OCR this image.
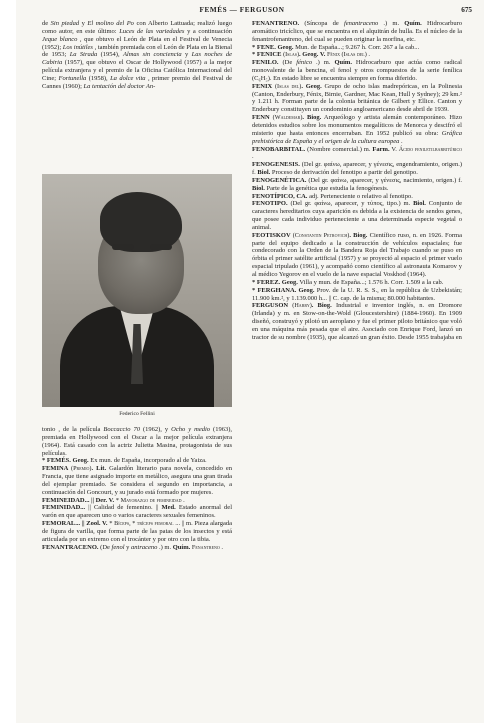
FEMÉS — FERGUSON	675

de Sin piedad y El molino del Po con Alberto Lattuada; realizó luego como autor, en este último: Luces de las variedades y a continuación Jeque blanco , que obtuvo el León de Plata en el Festival de Venecia (1952); Los inútiles , también premiada con el León de Plata en la Bienal de 1953; La Strada (1954), Almas sin conciencia y Las noches de Cabiria (1957), que obtuvo el Oscar de Hollywood (1957) a la mejor película extranjera y el premio de la Oficina Católica Internacional del Cine; Fortunella (1958), La dolce vita , primer premio del Festival de Cannes (1960); La tentación del doctor An-

Federico Fellini

tonio , de la película Boccaccio 70 (1962), y Ocho y medio (1963), premiada en Hollywood con el Oscar a la mejor película extranjera (1964). Está casado con la actriz Julietta Masina, protagonista de sus películas.

* FEMÉS. Geog. Ex mun. de España, incorporado al de Yaiza.

FEMINA (Premio). Lit. Galardón literario para novela, concedido en Francia, que tiene asignado importe en metálico, asegura una gran tirada del ejemplar premiado. Se considera el segundo en importancia, a continuación del Goncourt, y su jurado está formado por mujeres.

FEMINEIDAD... || Der. V. * Mayorazgo de femineidad .

FEMINIDAD... || Calidad de femenino. || Med. Estado anormal del varón en que aparecen uno o varios caracteres sexuales femeninos.

FEMORAL... || Zool. V. * Bíceps, * tríceps femoral ... || m. Pieza alargada de figura de varilla, que forma parte de las patas de los insectos y está articulada por un extremo con el trocánter y por otro con la tibia.

FENANTRACENO. (De fenol y antraceno .) m. Quím. Fenantreno .

FENANTRENO. (Síncopa de fenantraceno .) m. Quím. Hidrocarburo aromático tricíclico, que se encuentra en el alquitrán de hulla. Es el núcleo de la fenantrofenantreno, del cual se pueden originar la morfina, etc.

* FENE. Geog. Mun. de España...; 9.267 h. Corr. 267 a la cab...

* FENICE (Islas). Geog. V. Fénix (Islas del) .

FENILO. (De fénico .) m. Quím. Hidrocarburo que actúa como radical monovalente de la bencina, el fenol y otros compuestos de la serie fenílica (C₆H₅). En estado libre se encuentra siempre en forma diferido.

FENIX (Islas del). Geog. Grupo de ocho islas madrepóricas, en la Polinesia (Canton, Enderbury, Fénix, Birnie, Gardner, Mac Kean, Hull y Sydney); 29 km.² y 1.211 h. Forman parte de la colonia británica de Gilbert y Ellice. Canton y Enderbury constituyen un condominio angloamericano desde abril de 1939.

FENN (Waldemar). Biog. Arqueólogo y artista alemán contemporáneo. Hizo detenidos estudios sobre los monumentos megalíticos de Menorca y descifró el misterio que hasta entonces encerraban. En 1952 publicó su obra: Gráfica prehistórica de España y el origen de la cultura europea .

FENOBARBITAL. (Nombre comercial.) m. Farm. V. Ácido feniletilbarbitúrico .

FENOGENESIS. (Del gr. φαίνω, aparecer, y γένεσις, engendramiento, origen.) f. Biol. Proceso de derivación del fenotipo a partir del genotipo.

FENOGENÉTICA. (Del gr. φαίνω, aparecer, y γένεσις, nacimiento, origen.) f. Biol. Parte de la genética que estudia la fenogénesis.

FENOTÍPICO, CA. adj. Perteneciente o relativo al fenotipo.

FENOTIPO. (Del gr. φαίνω, aparecer, y τύπος, tipo.) m. Biol. Conjunto de caracteres hereditarios cuya aparición es debida a la existencia de sendos genes, que posee cada individuo perteneciente a una determinada especie vegetal o animal.

FEOTISKOV (Constantin Petrovich). Biog. Científico ruso, n. en 1926. Forma parte del equipo dedicado a la construcción de vehículos espaciales; fue condecorado con la Orden de la Bandera Roja del Trabajo cuando se puso en órbita el primer satélite artificial (1957) y se proyectó al espacio el primer vuelo espacial tripulado (1961), y acompañó como científico al astronauta Komarov y al médico Yegorov en el vuelo de la nave espacial Voskhod (1964).

* FEREZ. Geog. Villa y mun. de España...; 1.576 h. Corr. 1.509 a la cab.

* FERGHANA. Geog. Prov. de la U. R. S. S., en la república de Uzbekistán; 11.900 km.², y 1.139.000 h... || C. cap. de la misma; 80.000 habitantes.

FERGUSON (Harry). Biog. Industrial e inventor inglés, n. en Dromore (Irlanda) y m. en Stow-on-the-Wold (Gloucestershire) (1884-1960). En 1909 diseñó, construyó y pilotó un aeroplano y fue el primer piloto británico que voló en una máquina más pesada que el aire. Asociado con Enrique Ford, lanzó un tractor de su nombre (1935), que alcanzó un gran éxito. Desde 1955 trabajaba en
